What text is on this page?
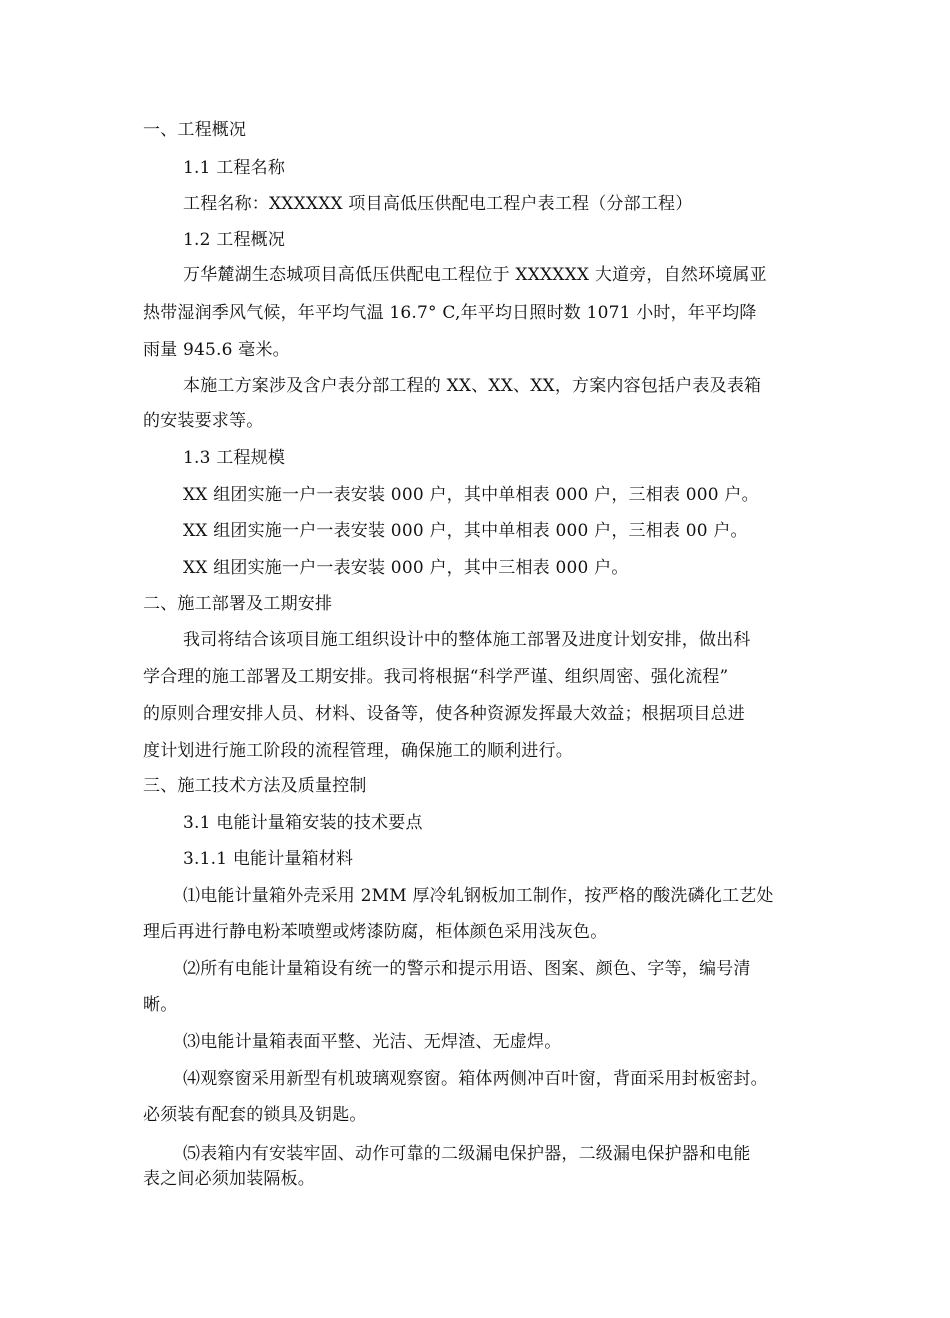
一、工程概况
1.1 工程名称
工程名称：XXXXXX 项目高低压供配电工程户表工程（分部工程）
1.2 工程概况
万华麓湖生态城项目高低压供配电工程位于 XXXXXX 大道旁，自然环境属亚
热带湿润季风气候，年平均气温 16.7° C,年平均日照时数 1071 小时，年平均降
雨量 945.6 毫米。
本施工方案涉及含户表分部工程的 XX、XX、XX，方案内容包括户表及表箱
的安装要求等。
1.3 工程规模
XX 组团实施一户一表安装 000 户，其中单相表 000 户，三相表 000 户。
XX 组团实施一户一表安装 000 户，其中单相表 000 户，三相表 00 户。
XX 组团实施一户一表安装 000 户，其中三相表 000 户。
二、施工部署及工期安排
我司将结合该项目施工组织设计中的整体施工部署及进度计划安排，做出科
学合理的施工部署及工期安排。我司将根据“科学严谨、组织周密、强化流程”
的原则合理安排人员、材料、设备等，使各种资源发挥最大效益；根据项目总进
度计划进行施工阶段的流程管理，确保施工的顺利进行。
三、施工技术方法及质量控制
3.1 电能计量箱安装的技术要点
3.1.1 电能计量箱材料
⑴电能计量箱外壳采用 2MM 厚冷轧钢板加工制作，按严格的酸洗磷化工艺处
理后再进行静电粉苯喷塑或烤漆防腐，柜体颜色采用浅灰色。
⑵所有电能计量箱设有统一的警示和提示用语、图案、颜色、字等，编号清
晰。
⑶电能计量箱表面平整、光洁、无焊渣、无虚焊。
⑷观察窗采用新型有机玻璃观察窗。箱体两侧冲百叶窗，背面采用封板密封。
必须装有配套的锁具及钥匙。
⑸表箱内有安装牢固、动作可靠的二级漏电保护器，二级漏电保护器和电能
表之间必须加装隔板。
